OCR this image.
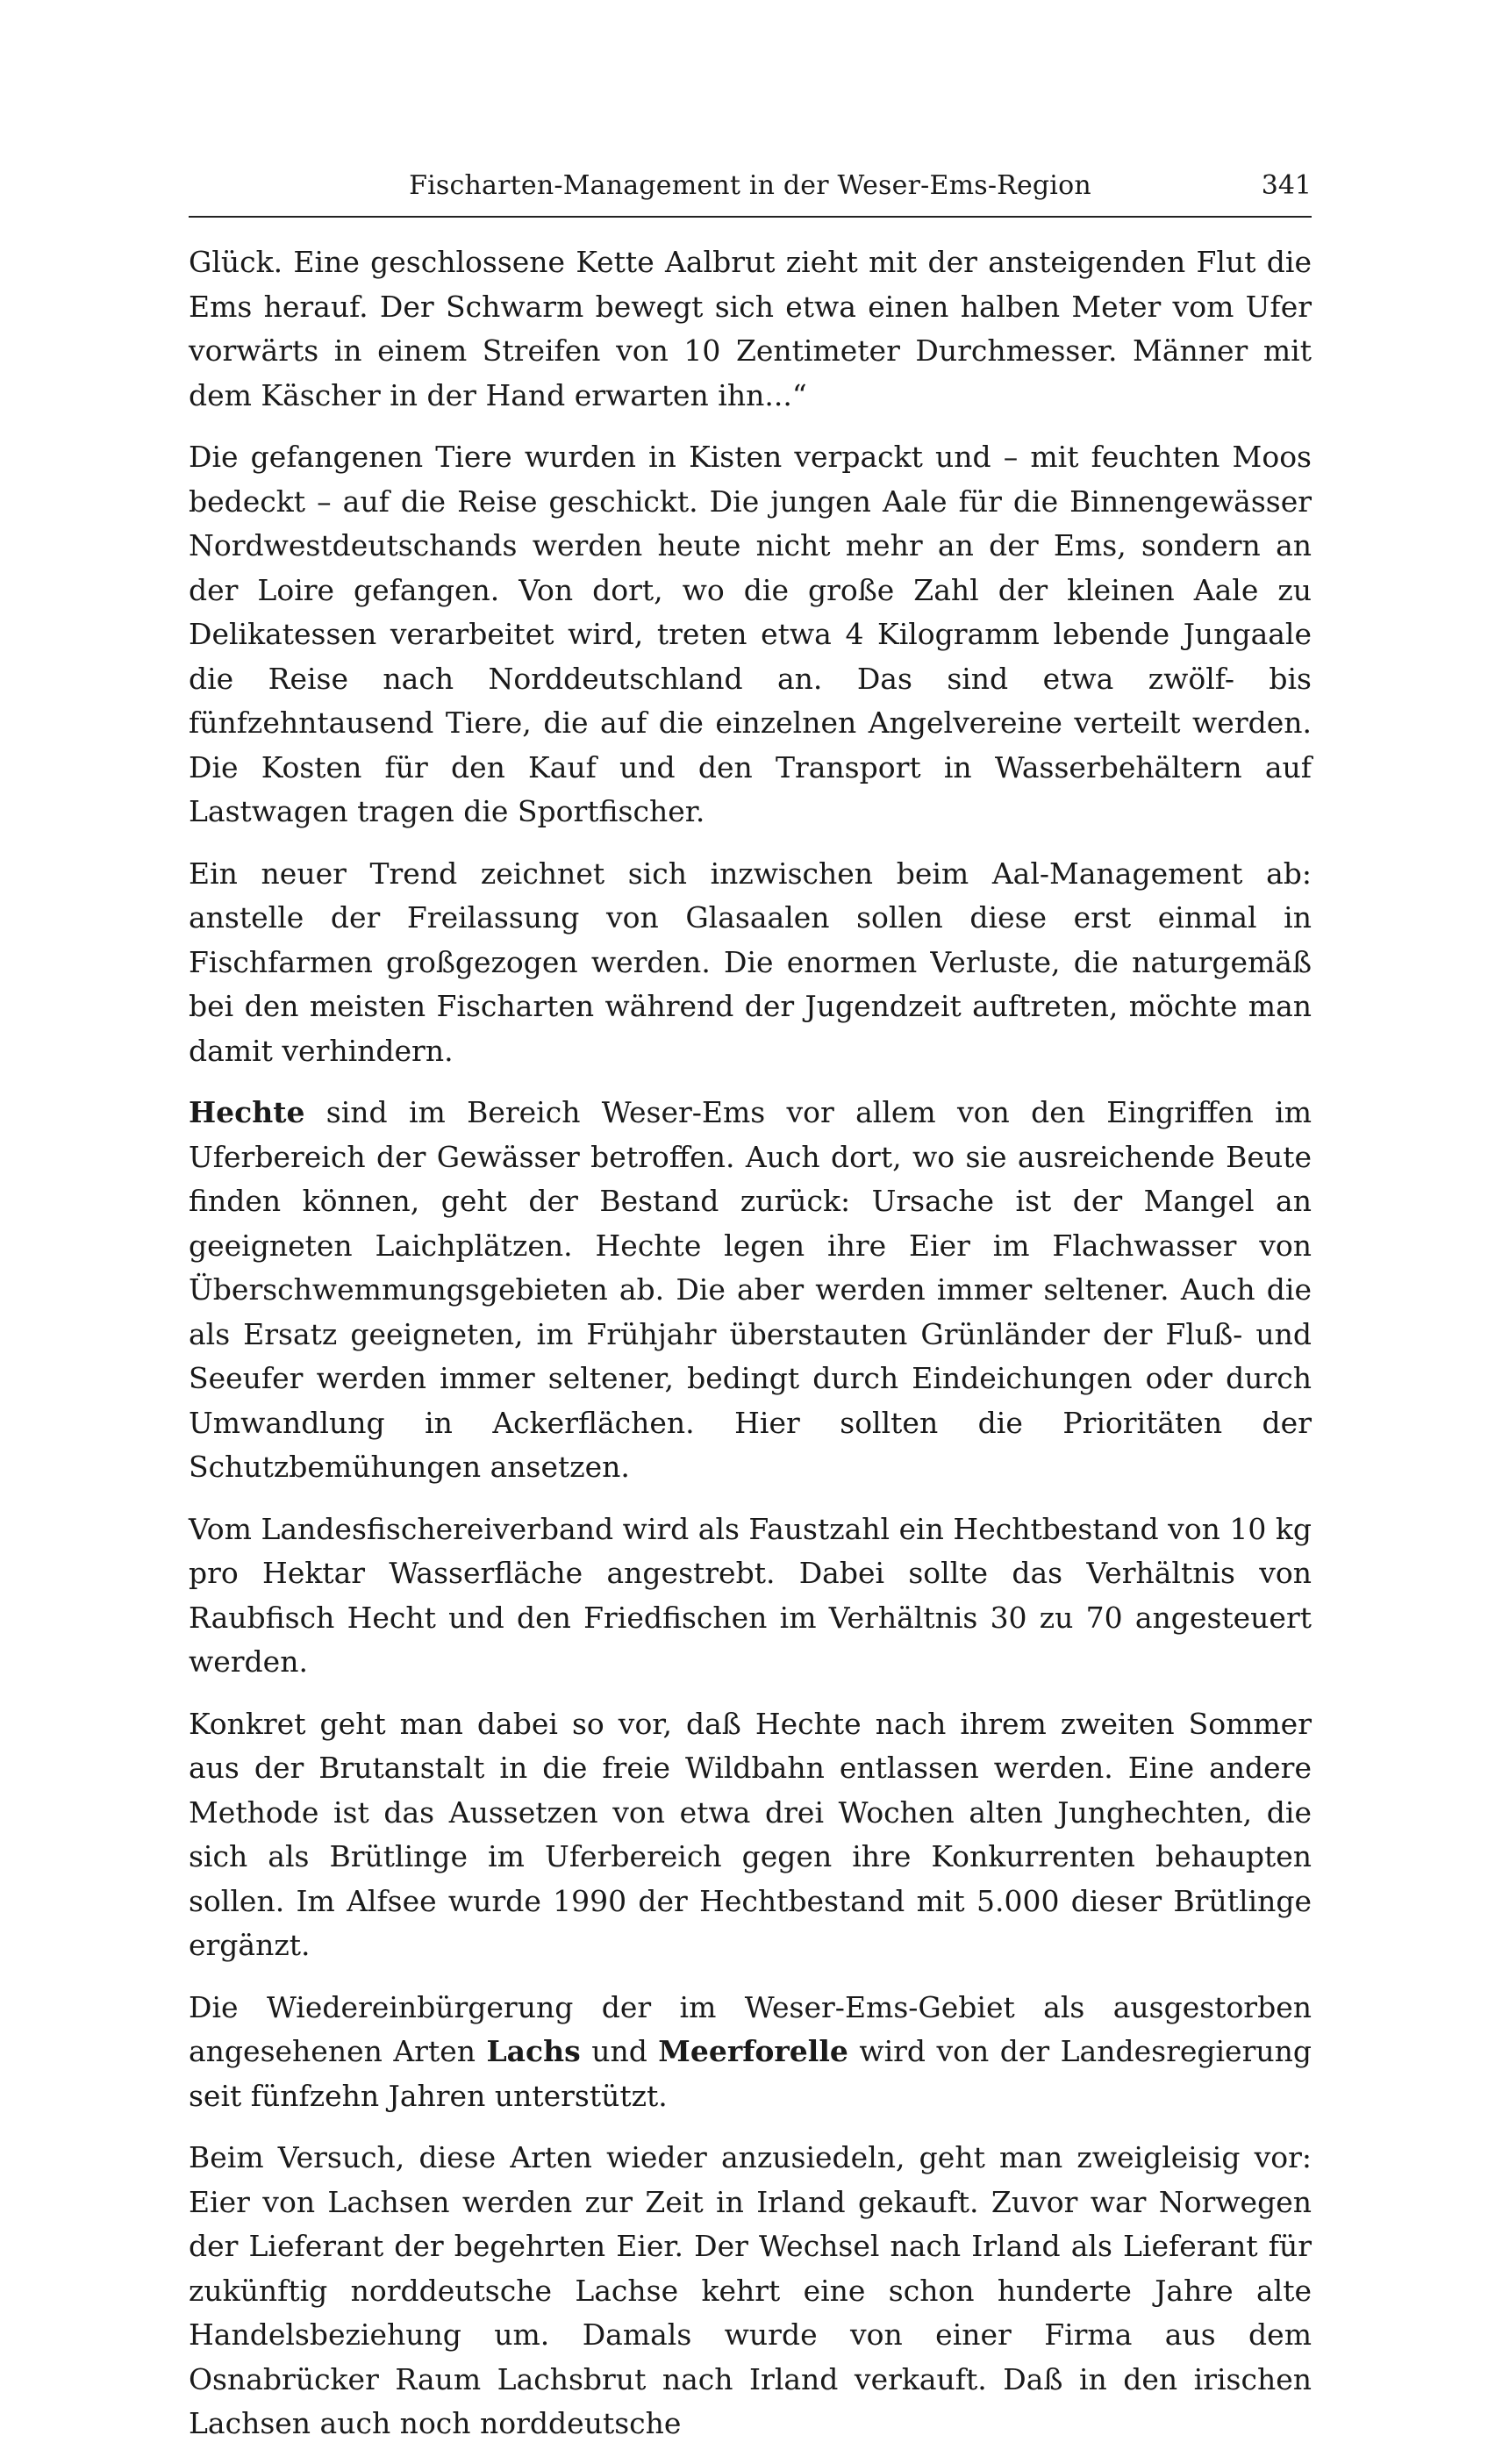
Fischarten-Management in der Weser-Ems-Region	341

Glück. Eine geschlossene Kette Aalbrut zieht mit der ansteigenden Flut die Ems herauf. Der Schwarm bewegt sich etwa einen halben Meter vom Ufer vorwärts in einem Streifen von 10 Zentimeter Durchmesser. Männer mit dem Käscher in der Hand erwarten ihn...“

Die gefangenen Tiere wurden in Kisten verpackt und – mit feuchten Moos bedeckt – auf die Reise geschickt. Die jungen Aale für die Binnengewässer Nordwestdeutschands werden heute nicht mehr an der Ems, sondern an der Loire gefangen. Von dort, wo die große Zahl der kleinen Aale zu Delikatessen verarbeitet wird, treten etwa 4 Kilogramm lebende Jungaale die Reise nach Norddeutschland an. Das sind etwa zwölf- bis fünfzehntausend Tiere, die auf die einzelnen Angelvereine verteilt werden. Die Kosten für den Kauf und den Transport in Wasserbehältern auf Lastwagen tragen die Sportfischer.

Ein neuer Trend zeichnet sich inzwischen beim Aal-Management ab: anstelle der Freilassung von Glasaalen sollen diese erst einmal in Fischfarmen großgezogen werden. Die enormen Verluste, die naturgemäß bei den meisten Fischarten während der Jugendzeit auftreten, möchte man damit verhindern.

Hechte sind im Bereich Weser-Ems vor allem von den Eingriffen im Uferbereich der Gewässer betroffen. Auch dort, wo sie ausreichende Beute finden können, geht der Bestand zurück: Ursache ist der Mangel an geeigneten Laichplätzen. Hechte legen ihre Eier im Flachwasser von Überschwemmungsgebieten ab. Die aber werden immer seltener. Auch die als Ersatz geeigneten, im Frühjahr überstauten Grünländer der Fluß- und Seeufer werden immer seltener, bedingt durch Eindeichungen oder durch Umwandlung in Ackerflächen. Hier sollten die Prioritäten der Schutzbemühungen ansetzen.

Vom Landesfischereiverband wird als Faustzahl ein Hechtbestand von 10 kg pro Hektar Wasserfläche angestrebt. Dabei sollte das Verhältnis von Raubfisch Hecht und den Friedfischen im Verhältnis 30 zu 70 angesteuert werden.

Konkret geht man dabei so vor, daß Hechte nach ihrem zweiten Sommer aus der Brutanstalt in die freie Wildbahn entlassen werden. Eine andere Methode ist das Aussetzen von etwa drei Wochen alten Junghechten, die sich als Brütlinge im Uferbereich gegen ihre Konkurrenten behaupten sollen. Im Alfsee wurde 1990 der Hechtbestand mit 5.000 dieser Brütlinge ergänzt.

Die Wiedereinbürgerung der im Weser-Ems-Gebiet als ausgestorben angesehenen Arten Lachs und Meerforelle wird von der Landesregierung seit fünfzehn Jahren unterstützt.

Beim Versuch, diese Arten wieder anzusiedeln, geht man zweigleisig vor: Eier von Lachsen werden zur Zeit in Irland gekauft. Zuvor war Norwegen der Lieferant der begehrten Eier. Der Wechsel nach Irland als Lieferant für zukünftig norddeutsche Lachse kehrt eine schon hunderte Jahre alte Handelsbeziehung um. Damals wurde von einer Firma aus dem Osnabrücker Raum Lachsbrut nach Irland verkauft. Daß in den irischen Lachsen auch noch norddeutsche
